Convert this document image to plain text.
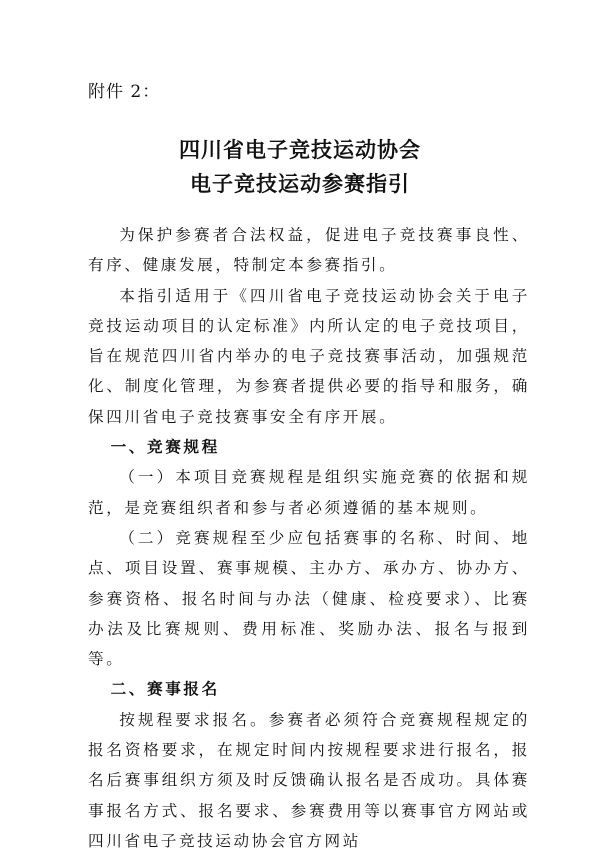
附件 2：
四川省电子竞技运动协会
电子竞技运动参赛指引

为保护参赛者合法权益，促进电子竞技赛事良性、有序、健康发展，特制定本参赛指引。

本指引适用于《四川省电子竞技运动协会关于电子竞技运动项目的认定标准》内所认定的电子竞技项目，旨在规范四川省内举办的电子竞技赛事活动，加强规范化、制度化管理，为参赛者提供必要的指导和服务，确保四川省电子竞技赛事安全有序开展。

一、竞赛规程

（一）本项目竞赛规程是组织实施竞赛的依据和规范，是竞赛组织者和参与者必须遵循的基本规则。

（二）竞赛规程至少应包括赛事的名称、时间、地点、项目设置、赛事规模、主办方、承办方、协办方、参赛资格、报名时间与办法（健康、检疫要求）、比赛办法及比赛规则、费用标准、奖励办法、报名与报到等。

二、赛事报名

按规程要求报名。参赛者必须符合竞赛规程规定的报名资格要求，在规定时间内按规程要求进行报名，报名后赛事组织方须及时反馈确认报名是否成功。具体赛事报名方式、报名要求、参赛费用等以赛事官方网站或四川省电子竞技运动协会官方网站
